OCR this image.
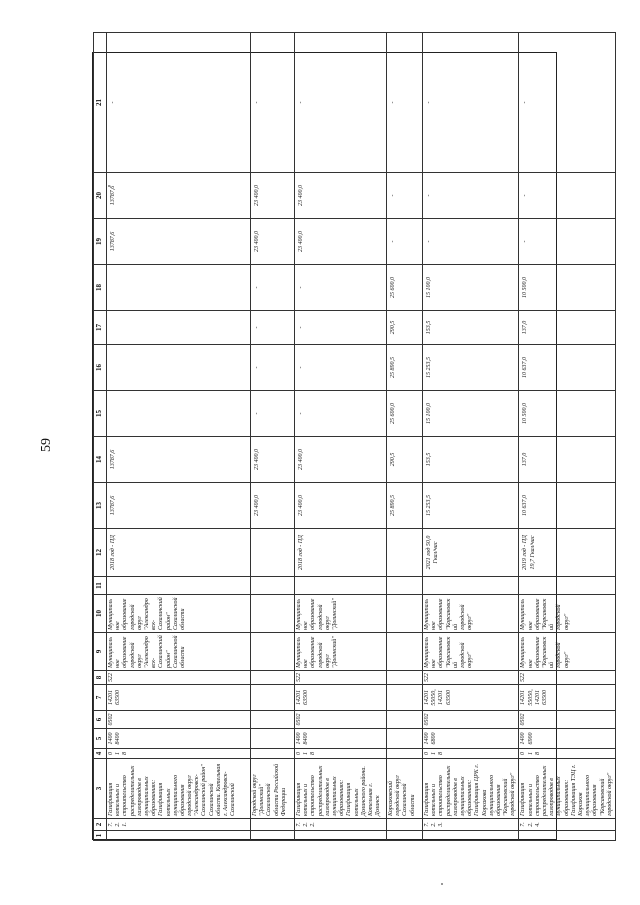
59
1	2	3	4	5	6	7	8	9	10	11	12	13	14	15	16	17	18	19	20	21
	7.2.1.	Газификация котельных и строительство распределительных газопроводов в муниципальных образованиях: Газификация котельных муниципального образования городской округ "Александровск-Сахалинский район" Сахалинской области. Котельная г. Александровск-Сахалинский	0 1 8	1400 8400	0502	14201 63500	522	Муниципальное образование городской округ "Александровск-Сахалинский район" Сахалинской области	Муниципальное образование городской округ "Александровск-Сахалинский район" Сахалинской области		2018 год - ПД	13787,6	13787,6					13787,6	13787,6	-
		Городской округ "Долинский" Сахалинской области Российской Федерации										23 400,0	23 400,0	-	-	-	-	23 400,0	23 400,0	-
	7.2.2.	Газификация котельных и строительство распределительных газопроводов в муниципальных образованиях: Газификация котельных Долинского района. Котельная г. Долинск	0 1 8	1400 8400	0502	14201 63500	522	Муниципальное образование городской округ "Долинский"	Муниципальное образование городской округ "Долинский"		2018 год - ПД	23 400,0	23 400,0	-	-	-	-	23 400,0	23 400,0	-
		Корсаковский городской округ Сахалинской области										25 890,5	290,5	25 600,0	25 890,5	290,5	25 600,0	-	-	-
	7.2.3.	Газификация котельных и строительство распределительных газопроводов в муниципальных образованиях: Газификация ЦРК г. Корсакова муниципального образования "Корсаковский городской округ"	0 1 8	1400 6800	0502	14201 55050, 14201 63500	522	Муниципальное образование "Корсаковский городской округ"	Муниципальное образование "Корсаковский городской округ"		2021 год 50,0 Гкал/час	15 253,5	153,5	15 100,0	15 253,5	153,5	15 100,0	-	-	-
	7.2.4.	Газификация котельных и строительство распределительных газопроводов в муниципальных образованиях: Газификация ТЭЦ г. Корсаков муниципального образования "Корсаковский городской округ"	0 1 8	1400 6900	0502	14201 55050, 14201 63500	522	Муниципальное образование "Корсаковский городской округ"	Муниципальное образование "Корсаковский городской округ"		2019 год - ПД 19,7 Гкал/час	10 637,0	137,0	10 500,0	10 637,0	137,0	10 500,0	-	-	-
